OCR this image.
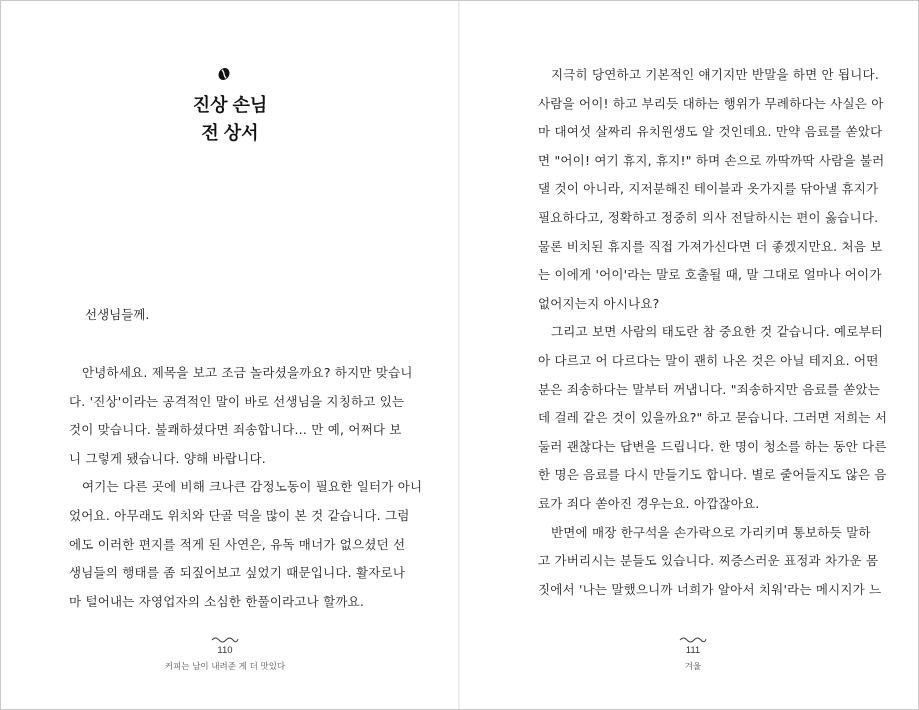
진상 손님
전 상서
선생님들께.
안녕하세요. 제목을 보고 조금 놀라셨을까요? 하지만 맞습니
다. '진상'이라는 공격적인 말이 바로 선생님을 지칭하고 있는
것이 맞습니다. 불쾌하셨다면 죄송합니다… 만 예, 어쩌다 보
니 그렇게 됐습니다. 양해 바랍니다.
여기는 다른 곳에 비해 크나큰 감정노동이 필요한 일터가 아니
었어요. 아무래도 위치와 단골 덕을 많이 본 것 같습니다. 그럼
에도 이러한 편지를 적게 된 사연은, 유독 매너가 없으셨던 선
생님들의 행태를 좀 되짚어보고 싶었기 때문입니다. 활자로나
마 털어내는 자영업자의 소심한 한풀이라고나 할까요.
110
커피는 남이 내려준 게 더 맛있다
지극히 당연하고 기본적인 얘기지만 반말을 하면 안 됩니다.
사람을 어이! 하고 부리듯 대하는 행위가 무례하다는 사실은 아
마 대여섯 살짜리 유치원생도 알 것인데요. 만약 음료를 쏟았다
면 "어이! 여기 휴지, 휴지!" 하며 손으로 까딱까딱 사람을 불러
댈 것이 아니라, 지저분해진 테이블과 옷가지를 닦아낼 휴지가
필요하다고, 정확하고 정중히 의사 전달하시는 편이 옳습니다.
물론 비치된 휴지를 직접 가져가신다면 더 좋겠지만요. 처음 보
는 이에게 '어이'라는 말로 호출될 때, 말 그대로 얼마나 어이가
없어지는지 아시나요?
그리고 보면 사람의 태도란 참 중요한 것 같습니다. 예로부터
아 다르고 어 다르다는 말이 괜히 나온 것은 아닐 테지요. 어떤
분은 죄송하다는 말부터 꺼냅니다. "죄송하지만 음료를 쏟았는
데 걸레 같은 것이 있을까요?" 하고 묻습니다. 그러면 저희는 서
둘러 괜찮다는 답변을 드립니다. 한 명이 청소를 하는 동안 다른
한 명은 음료를 다시 만들기도 합니다. 별로 줄어들지도 않은 음
료가 죄다 쏟아진 경우는요. 아깝잖아요.
반면에 매장 한구석을 손가락으로 가리키며 통보하듯 말하
고 가버리시는 분들도 있습니다. 찌증스러운 표정과 차가운 몸
짓에서 '나는 말했으니까 너희가 알아서 치워'라는 메시지가 느
111
겨울
